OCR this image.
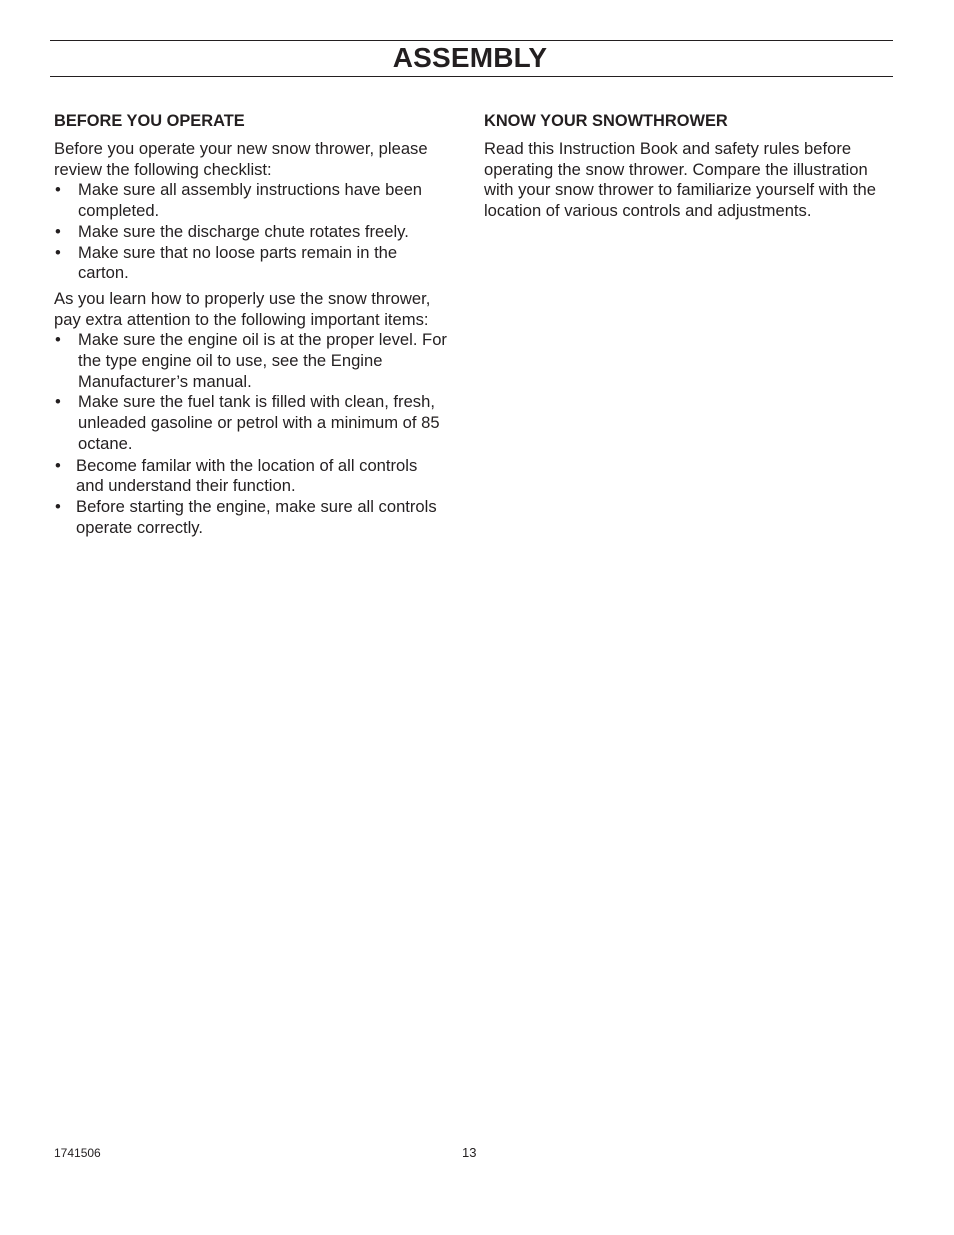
ASSEMBLY
BEFORE YOU OPERATE

Before you operate your new snow thrower, please review the following checklist:

• Make sure all assembly instructions have been completed.
• Make sure the discharge chute rotates freely.
• Make sure that no loose parts remain in the carton.

As you learn how to properly use the snow thrower, pay extra attention to the following important items:

• Make sure the engine oil is at the proper level. For the type engine oil to use, see the Engine Manufacturer’s manual.
• Make sure the fuel tank is filled with clean, fresh, unleaded gasoline or petrol with a minimum of 85 octane.
• Become familar with the location of all controls and understand their function.
• Before starting the engine, make sure all controls operate correctly.
KNOW YOUR SNOWTHROWER

Read this Instruction Book and safety rules before operating the snow thrower. Compare the illustration with your snow thrower to familiarize yourself with the location of various controls and adjustments.

1741506	13
